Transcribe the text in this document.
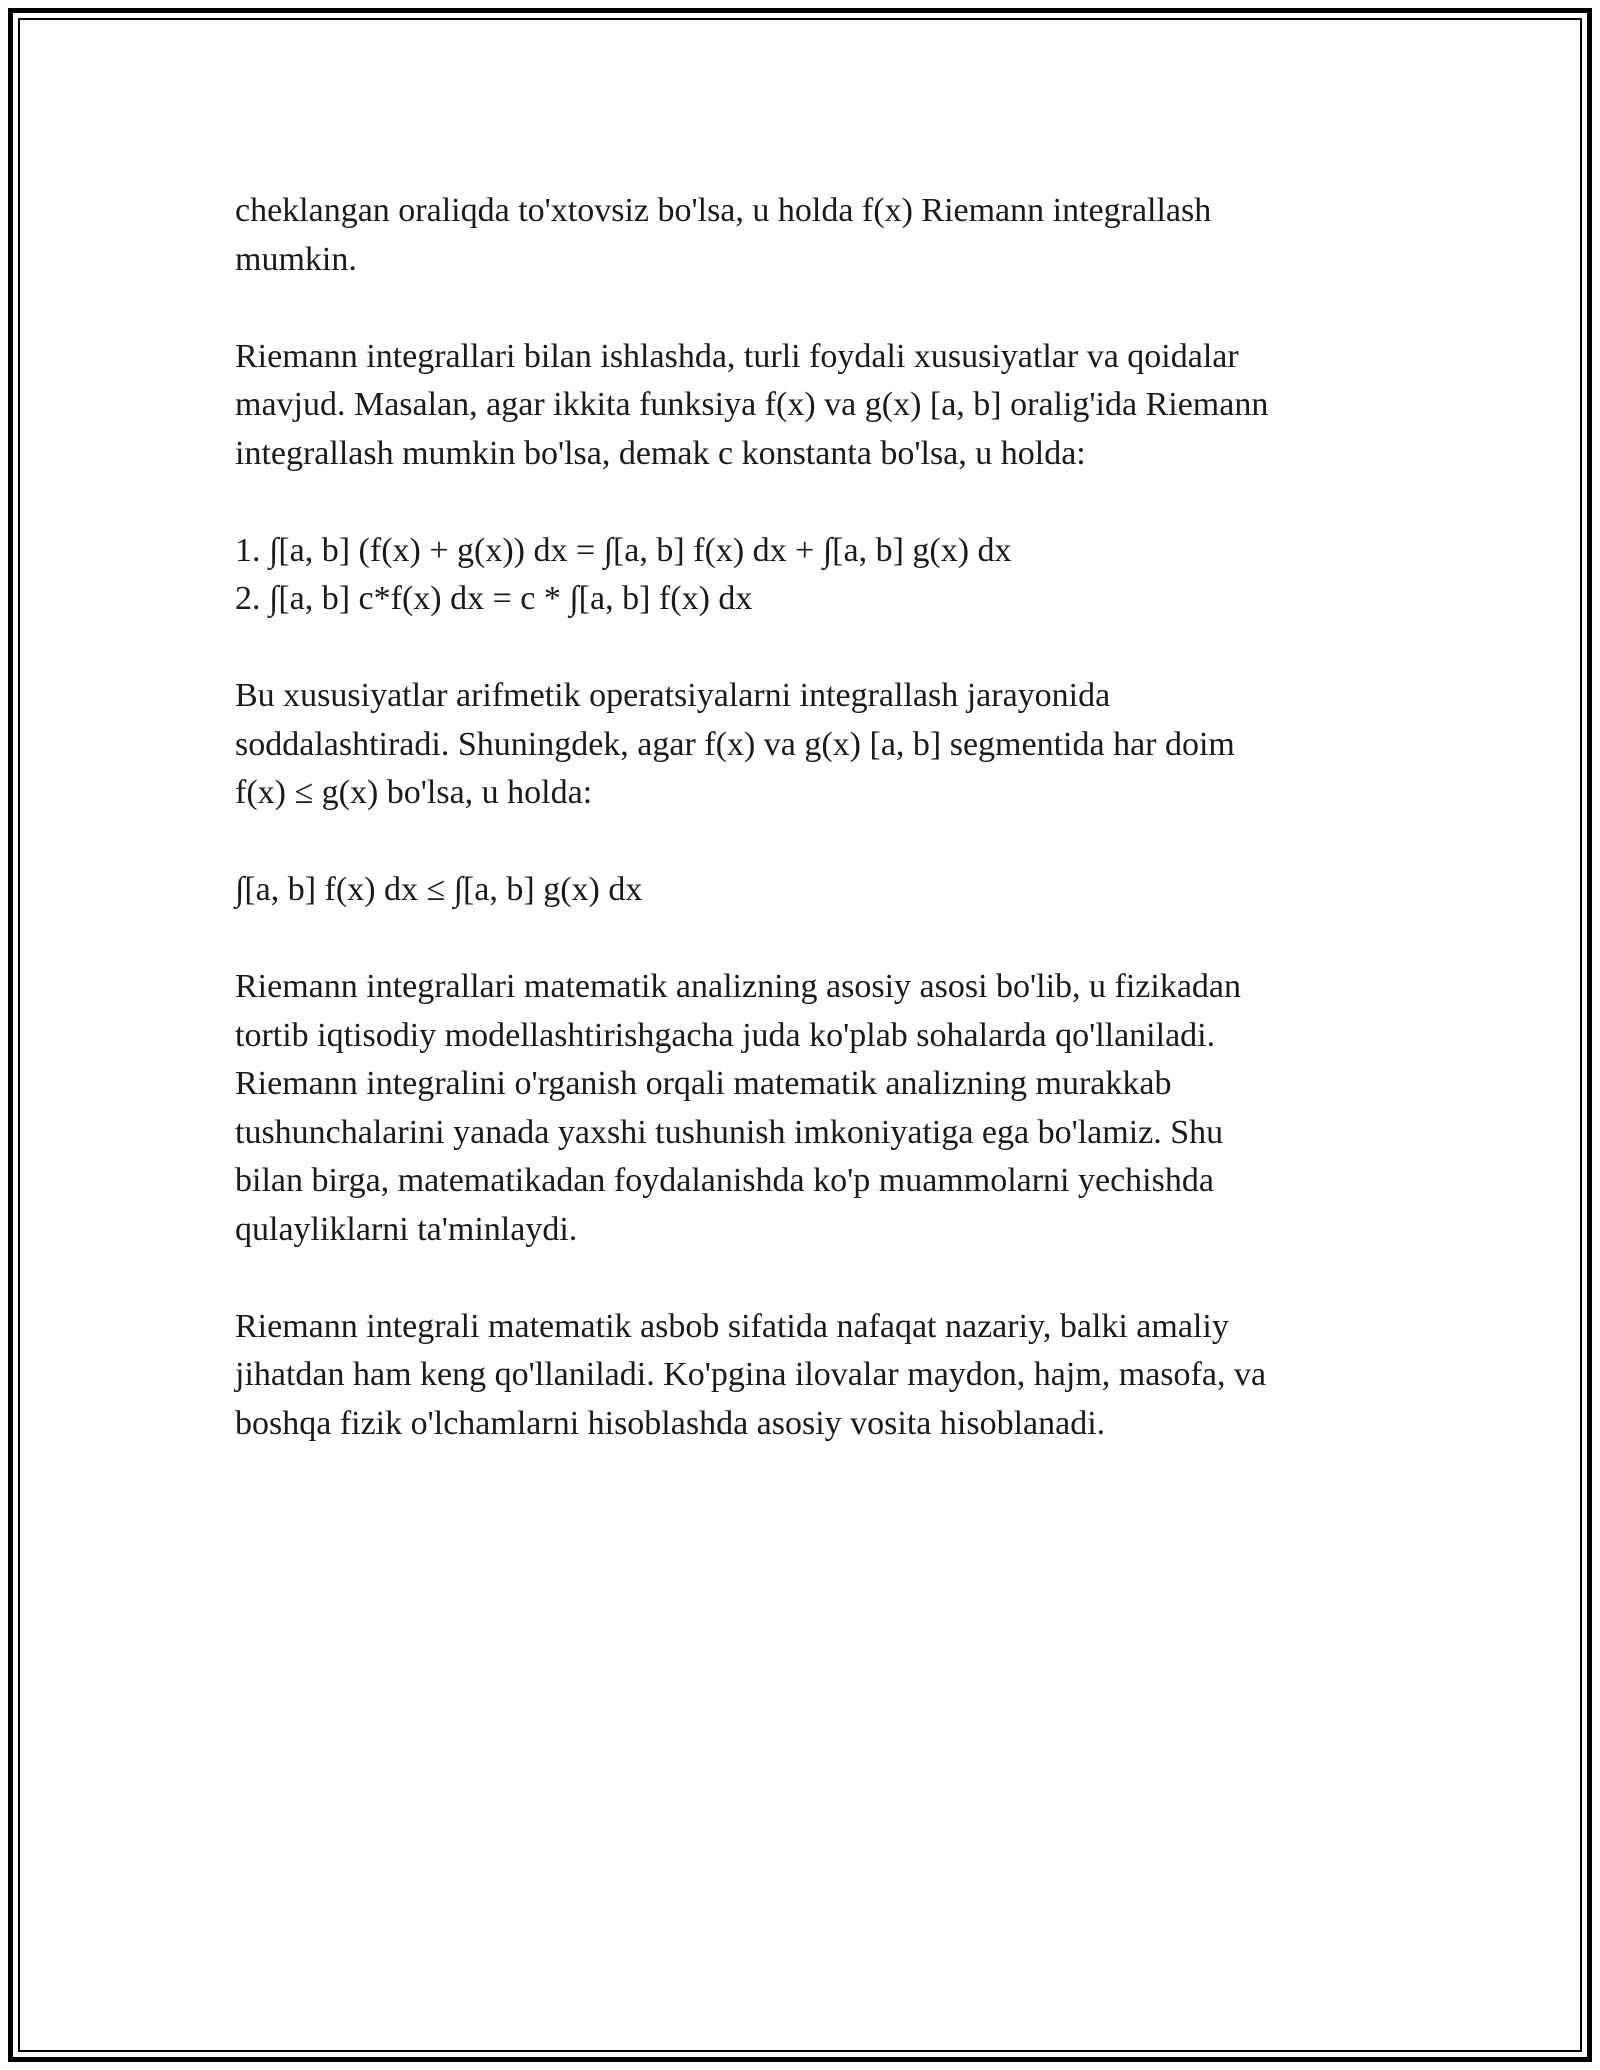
cheklangan oraliqda to'xtovsiz bo'lsa, u holda f(x) Riemann integrallash
mumkin.

Riemann integrallari bilan ishlashda, turli foydali xususiyatlar va qoidalar
mavjud. Masalan, agar ikkita funksiya f(x) va g(x) [a, b] oralig'ida Riemann
integrallash mumkin bo'lsa, demak c konstanta bo'lsa, u holda:

1. ∫[a, b] (f(x) + g(x)) dx = ∫[a, b] f(x) dx + ∫[a, b] g(x) dx
2. ∫[a, b] c*f(x) dx = c * ∫[a, b] f(x) dx

Bu xususiyatlar arifmetik operatsiyalarni integrallash jarayonida
soddalashtiradi. Shuningdek, agar f(x) va g(x) [a, b] segmentida har doim
f(x) ≤ g(x) bo'lsa, u holda:

∫[a, b] f(x) dx ≤ ∫[a, b] g(x) dx

Riemann integrallari matematik analizning asosiy asosi bo'lib, u fizikadan
tortib iqtisodiy modellashtirishgacha juda ko'plab sohalarda qo'llaniladi.
Riemann integralini o'rganish orqali matematik analizning murakkab
tushunchalarini yanada yaxshi tushunish imkoniyatiga ega bo'lamiz. Shu
bilan birga, matematikadan foydalanishda ko'p muammolarni yechishda
qulayliklarni ta'minlaydi.

Riemann integrali matematik asbob sifatida nafaqat nazariy, balki amaliy
jihatdan ham keng qo'llaniladi. Ko'pgina ilovalar maydon, hajm, masofa, va
boshqa fizik o'lchamlarni hisoblashda asosiy vosita hisoblanadi.
